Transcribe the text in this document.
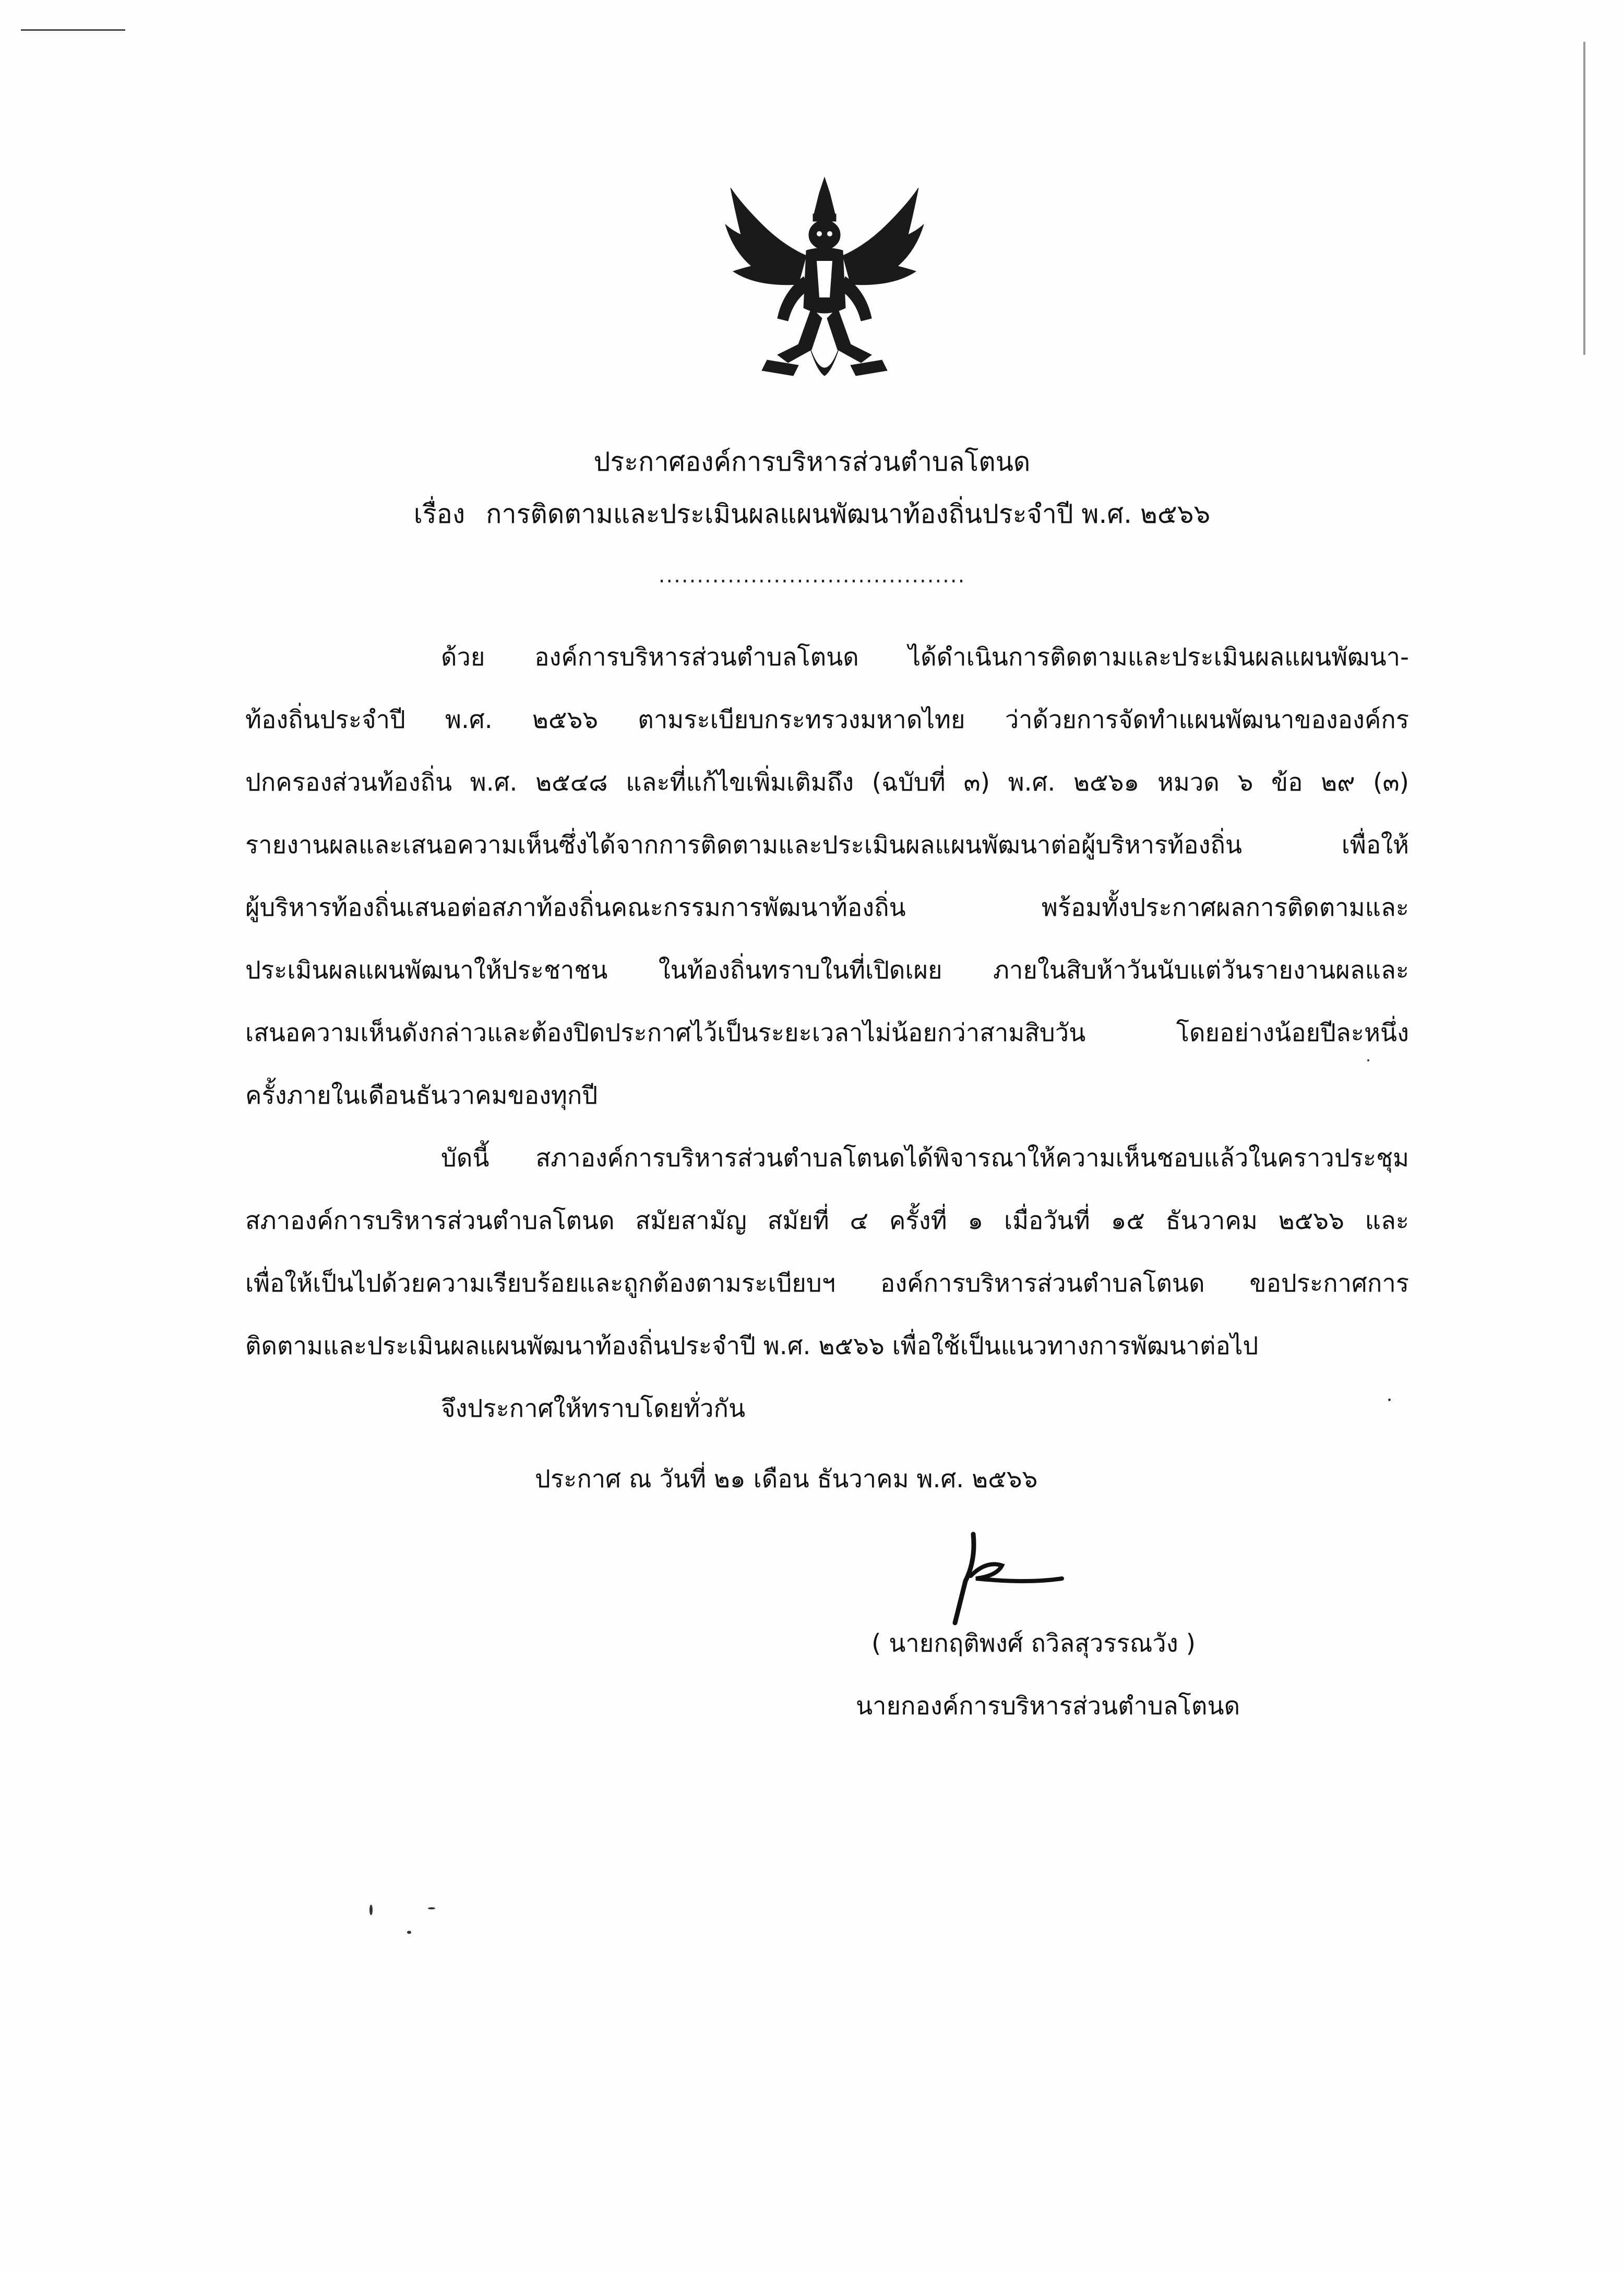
ประกาศองค์การบริหารส่วนตำบลโตนด
เรื่อง การติดตามและประเมินผลแผนพัฒนาท้องถิ่นประจำปี พ.ศ. ๒๕๖๖
........................................
ด้วย องค์การบริหารส่วนตำบลโตนด ได้ดำเนินการติดตามและประเมินผลแผนพัฒนา-
ท้องถิ่นประจำปี พ.ศ. ๒๕๖๖ ตามระเบียบกระทรวงมหาดไทย ว่าด้วยการจัดทำแผนพัฒนาขององค์กร
ปกครองส่วนท้องถิ่น พ.ศ. ๒๕๔๘ และที่แก้ไขเพิ่มเติมถึง (ฉบับที่ ๓) พ.ศ. ๒๕๖๑ หมวด ๖ ข้อ ๒๙ (๓)
รายงานผลและเสนอความเห็นซึ่งได้จากการติดตามและประเมินผลแผนพัฒนาต่อผู้บริหารท้องถิ่น เพื่อให้
ผู้บริหารท้องถิ่นเสนอต่อสภาท้องถิ่นคณะกรรมการพัฒนาท้องถิ่น พร้อมทั้งประกาศผลการติดตามและ
ประเมินผลแผนพัฒนาให้ประชาชน ในท้องถิ่นทราบในที่เปิดเผย ภายในสิบห้าวันนับแต่วันรายงานผลและ
เสนอความเห็นดังกล่าวและต้องปิดประกาศไว้เป็นระยะเวลาไม่น้อยกว่าสามสิบวัน โดยอย่างน้อยปีละหนึ่ง
ครั้งภายในเดือนธันวาคมของทุกปี
บัดนี้ สภาองค์การบริหารส่วนตำบลโตนดได้พิจารณาให้ความเห็นชอบแล้วในคราวประชุม
สภาองค์การบริหารส่วนตำบลโตนด สมัยสามัญ สมัยที่ ๔ ครั้งที่ ๑ เมื่อวันที่ ๑๕ ธันวาคม ๒๕๖๖ และ
เพื่อให้เป็นไปด้วยความเรียบร้อยและถูกต้องตามระเบียบฯ องค์การบริหารส่วนตำบลโตนด ขอประกาศการ
ติดตามและประเมินผลแผนพัฒนาท้องถิ่นประจำปี พ.ศ. ๒๕๖๖ เพื่อใช้เป็นแนวทางการพัฒนาต่อไป
จึงประกาศให้ทราบโดยทั่วกัน
ประกาศ ณ วันที่ ๒๑ เดือน ธันวาคม พ.ศ. ๒๕๖๖
( นายกฤติพงศ์ ถวิลสุวรรณวัง )
นายกองค์การบริหารส่วนตำบลโตนด
